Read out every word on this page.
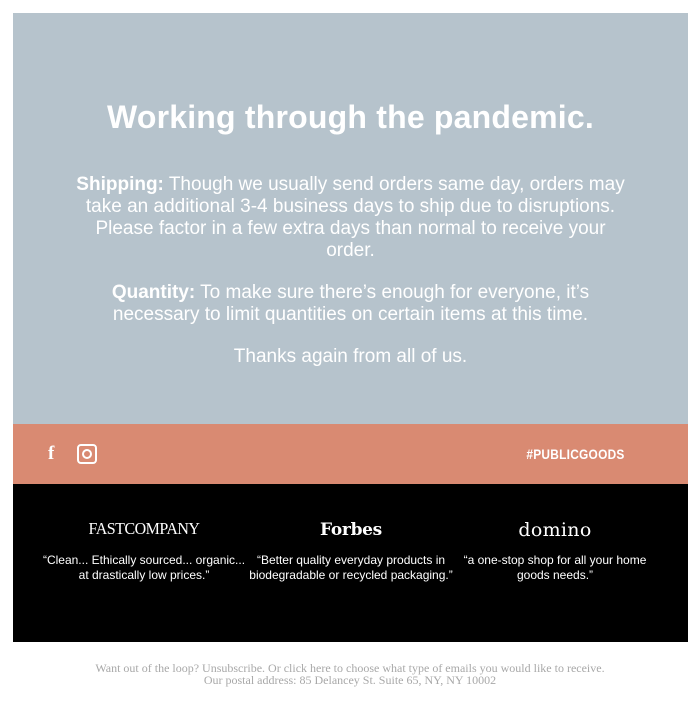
Working through the pandemic.

Shipping: Though we usually send orders same day, orders may take an additional 3-4 business days to ship due to disruptions. Please factor in a few extra days than normal to receive your order.

Quantity: To make sure there’s enough for everyone, it’s necessary to limit quantities on certain items at this time.

Thanks again from all of us.

f	#PUBLICGOODS
FASTCOMPANY
“Clean... Ethically sourced... organic... at drastically low prices.”
Forbes
“Better quality everyday products in biodegradable or recycled packaging.”
domino
“a one-stop shop for all your home goods needs.”
Want out of the loop? Unsubscribe. Or click here to choose what type of emails you would like to receive.
Our postal address: 85 Delancey St. Suite 65, NY, NY 10002
